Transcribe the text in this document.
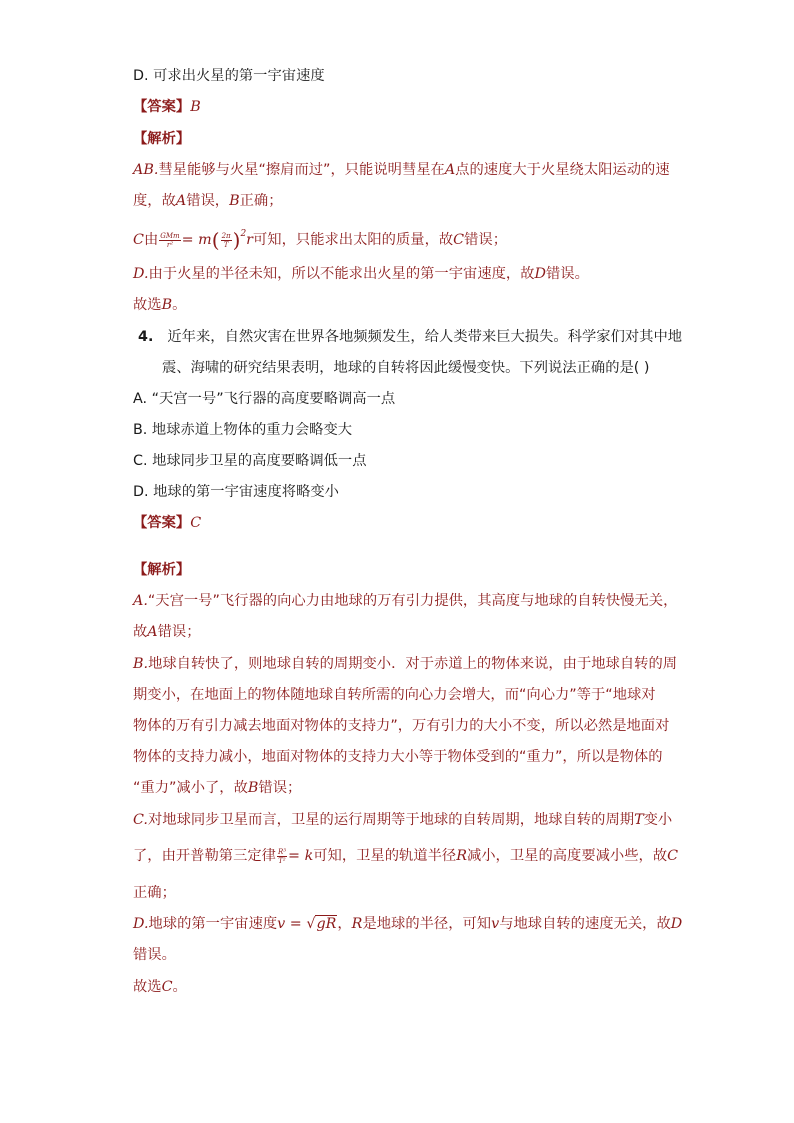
D. 可求出火星的第一宇宙速度
【答案】B
【解析】
AB.彗星能够与火星“擦肩而过”，只能说明彗星在A点的速度大于火星绕太阳运动的速
度，故A错误，B正确；
C由 $\frac{\text{GMm}}{\text{r²}} = m( \frac{2\pi}{T} )^2r$可知，只能求出太阳的质量，故C错误；
D.由于火星的半径未知，所以不能求出火星的第一宇宙速度，故D错误。
故选B。
4. 近年来，自然灾害在世界各地频频发生，给人类带来巨大损失。科学家们对其中地
震、海啸的研究结果表明，地球的自转将因此缓慢变快。下列说法正确的是( )
A. “天宫一号”飞行器的高度要略调高一点
B. 地球赤道上物体的重力会略变大
C. 地球同步卫星的高度要略调低一点
D. 地球的第一宇宙速度将略变小
【答案】C
【解析】
A.“天宫一号”飞行器的向心力由地球的万有引力提供，其高度与地球的自转快慢无关，
故A错误；
B.地球自转快了，则地球自转的周期变小．对于赤道上的物体来说，由于地球自转的周
期变小，在地面上的物体随地球自转所需的向心力会增大，而“向心力”等于“地球对
物体的万有引力减去地面对物体的支持力”，万有引力的大小不变，所以必然是地面对
物体的支持力减小，地面对物体的支持力大小等于物体受到的“重力”，所以是物体的
“重力”减小了，故B错误；
C.对地球同步卫星而言，卫星的运行周期等于地球的自转周期，地球自转的周期T变小
了，由开普勒第三定律 $\frac{\text{R³}}{\text{T²}} = k$可知，卫星的轨道半径R减小，卫星的高度要减小些，故C
正确；
D.地球的第一宇宙速度v = √gR，R是地球的半径，可知v与地球自转的速度无关，故D
错误。
故选C。
